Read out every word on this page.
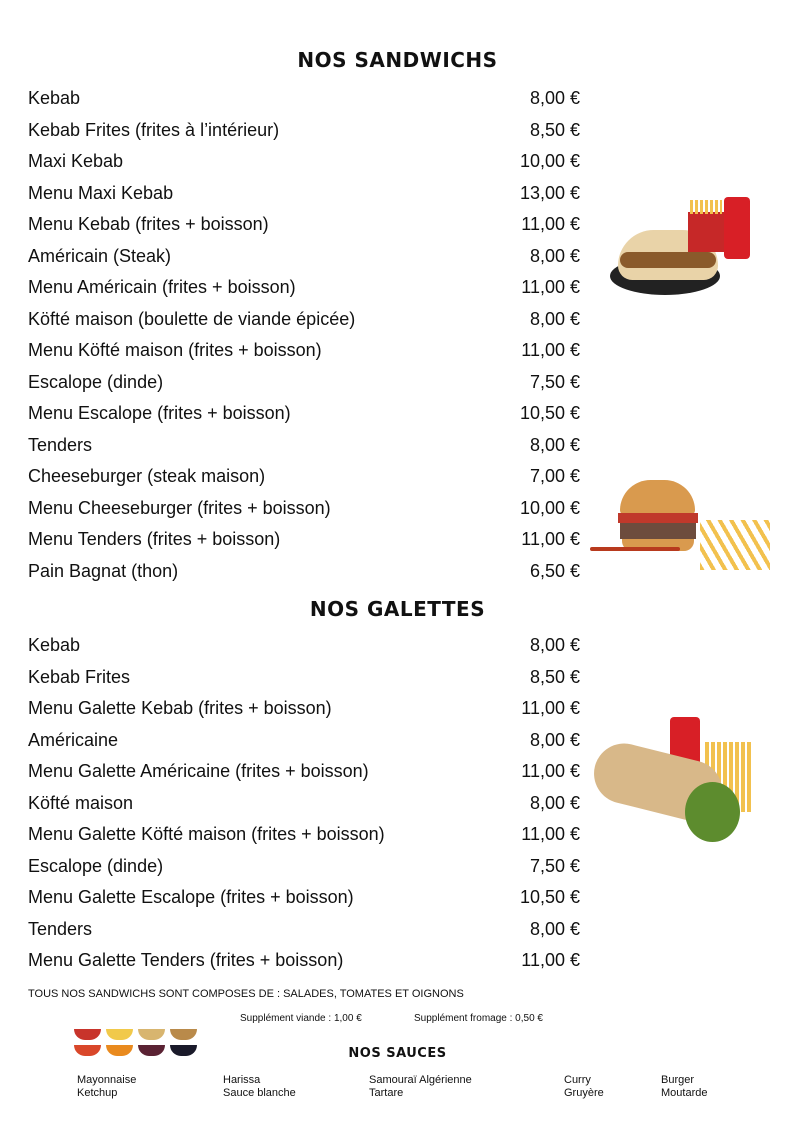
NOS SANDWICHS
Kebab	8,00 €
Kebab Frites (frites à l’intérieur)	8,50 €
Maxi Kebab	10,00 €
Menu Maxi Kebab	13,00 €
Menu Kebab (frites + boisson)	11,00 €
Américain (Steak)	8,00 €
Menu Américain (frites + boisson)	11,00 €
Köfté maison (boulette de viande épicée)	8,00 €
Menu Köfté maison (frites + boisson)	11,00 €
Escalope (dinde)	7,50 €
Menu Escalope (frites + boisson)	10,50 €
Tenders	8,00 €
Cheeseburger (steak maison)	7,00 €
Menu Cheeseburger (frites + boisson)	10,00 €
Menu Tenders (frites + boisson)	11,00 €
Pain Bagnat (thon)	6,50 €
NOS GALETTES
Kebab	8,00 €
Kebab Frites	8,50 €
Menu Galette Kebab (frites + boisson)	11,00 €
Américaine	8,00 €
Menu Galette Américaine (frites + boisson)	11,00 €
Köfté maison	8,00 €
Menu Galette Köfté maison (frites + boisson)	11,00 €
Escalope (dinde)	7,50 €
Menu Galette Escalope (frites + boisson)	10,50 €
Tenders	8,00 €
Menu Galette Tenders (frites + boisson)	11,00 €
TOUS NOS SANDWICHS SONT COMPOSES DE : SALADES, TOMATES ET OIGNONS
Supplément viande : 1,00 €	Supplément fromage : 0,50 €
NOS SAUCES
Mayonnaise
Ketchup
Harissa
Sauce blanche
Samouraï Algérienne
Tartare
Curry
Gruyère
Burger
Moutarde
